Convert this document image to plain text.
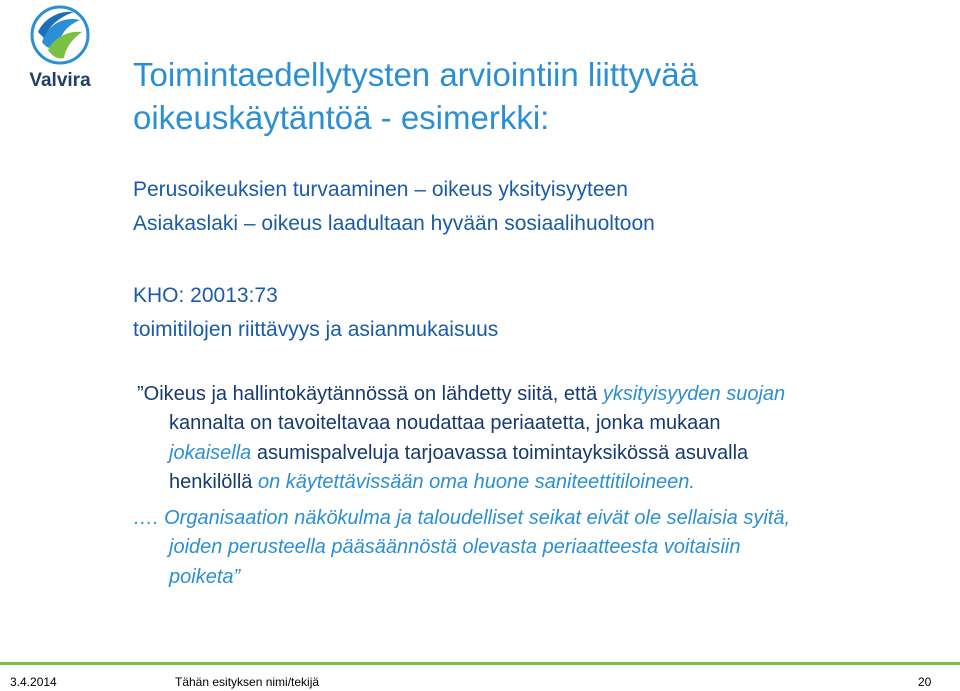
Valvira Toimintaedellytysten arviointiin liittyvää
oikeuskäytäntöä - esimerkki:
Perusoikeuksien turvaaminen – oikeus yksityisyyteen
Asiakaslaki – oikeus laadultaan hyvään sosiaalihuoltoon
KHO: 20013:73
toimitilojen riittävyys ja asianmukaisuus
”Oikeus ja hallintokäytännössä on lähdetty siitä, että yksityisyyden suojan
kannalta on tavoiteltavaa noudattaa periaatetta, jonka mukaan
jokaisella asumispalveluja tarjoavassa toimintayksikössä asuvalla
henkilöllä on käytettävissään oma huone saniteettitiloineen.
…. Organisaation näkökulma ja taloudelliset seikat eivät ole sellaisia syitä,
joiden perusteella pääsäännöstä olevasta periaatteesta voitaisiin
poiketa”
3.4.2014	Tähän esityksen nimi/tekijä	20
